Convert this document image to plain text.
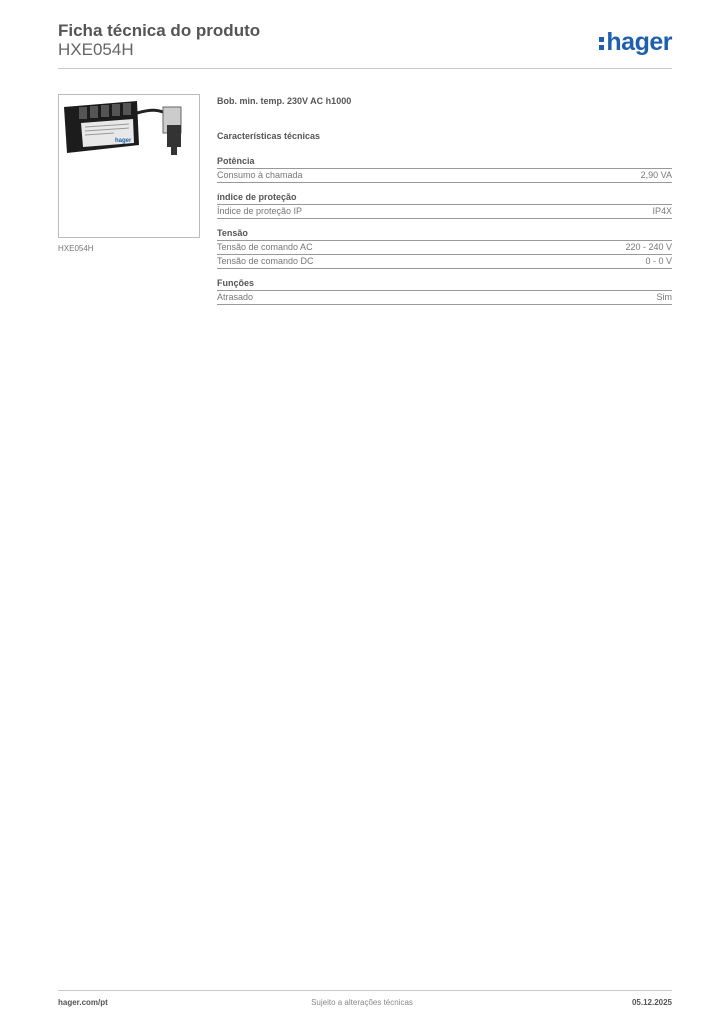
Ficha técnica do produto
HXE054H	hager
hager
HXE054H
Bob. min. temp. 230V AC h1000
Características técnicas
Potência
Consumo à chamada	2,90 VA
índice de proteção
Índice de proteção IP	IP4X
Tensão
Tensão de comando AC	220 - 240 V
Tensão de comando DC	0 - 0 V
Funções
Atrasado	Sim
hager.com/pt	Sujeito a alterações técnicas	05.12.2025
